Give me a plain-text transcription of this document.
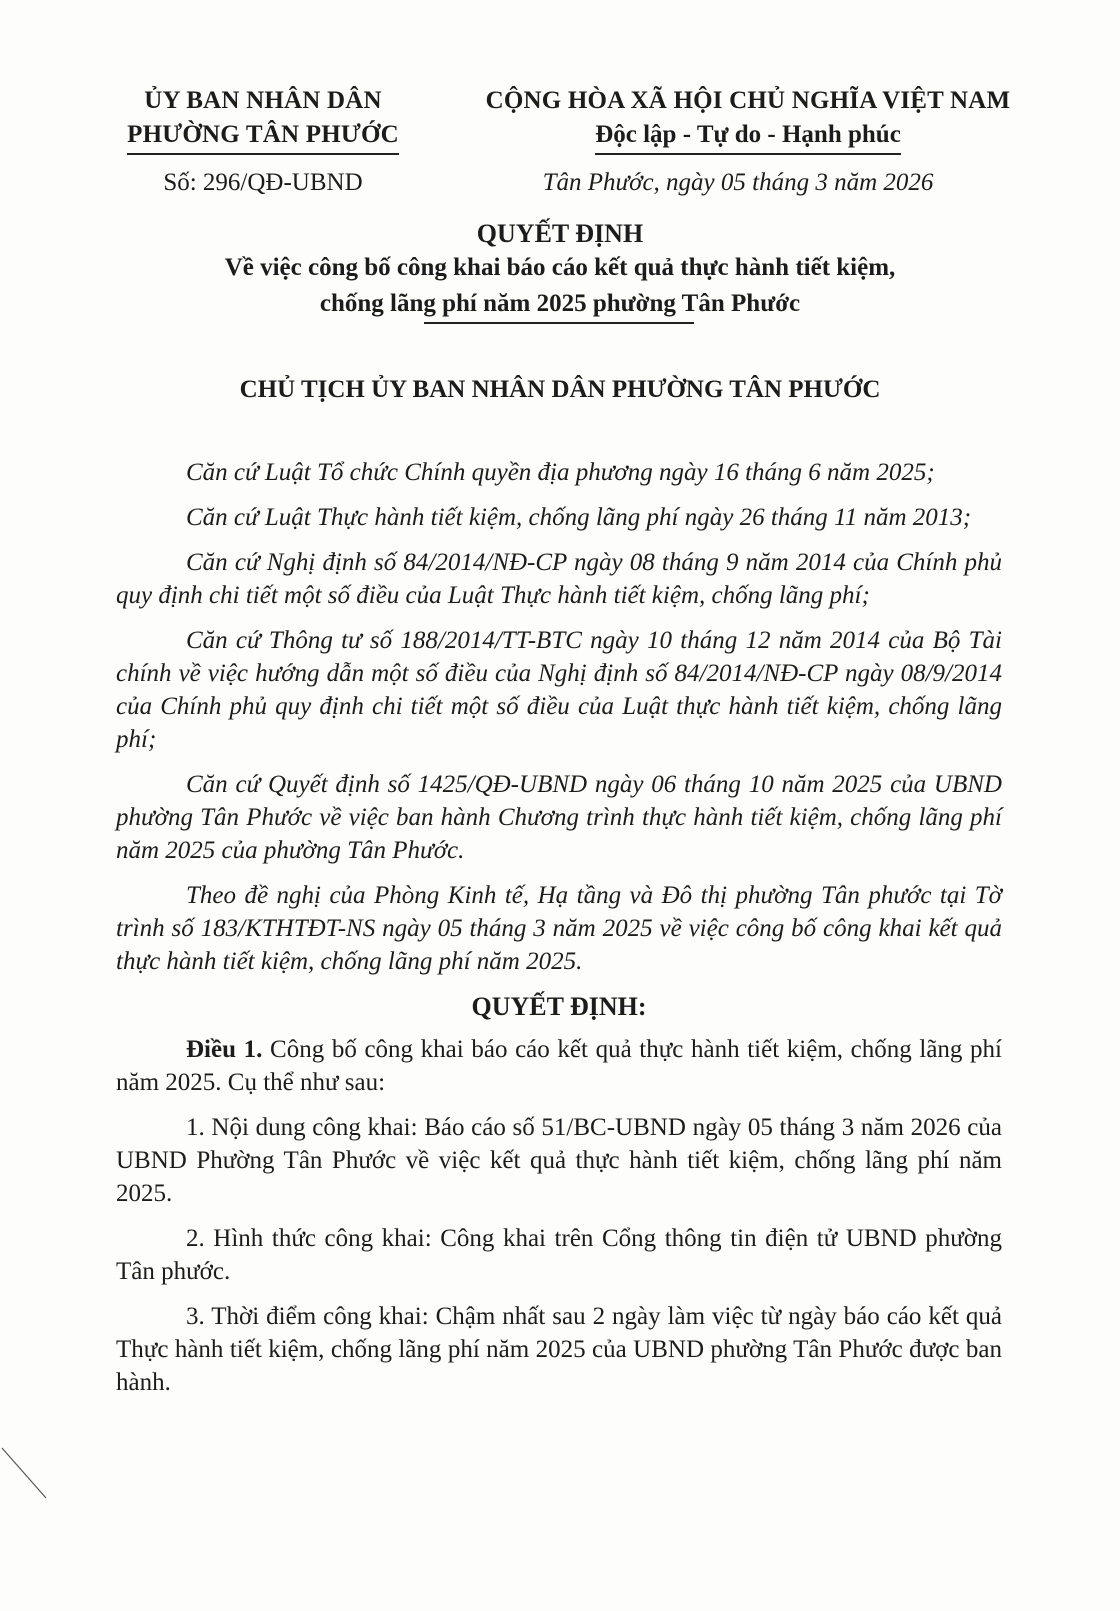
ỦY BAN NHÂN DÂN
PHƯỜNG TÂN PHƯỚC
CỘNG HÒA XÃ HỘI CHỦ NGHĨA VIỆT NAM
Độc lập - Tự do - Hạnh phúc
Số: 296/QĐ-UBND	Tân Phước, ngày 05 tháng 3 năm 2026
QUYẾT ĐỊNH
Về việc công bố công khai báo cáo kết quả thực hành tiết kiệm,
chống lãng phí năm 2025 phường Tân Phước
CHỦ TỊCH ỦY BAN NHÂN DÂN PHƯỜNG TÂN PHƯỚC

Căn cứ Luật Tổ chức Chính quyền địa phương ngày 16 tháng 6 năm 2025;

Căn cứ Luật Thực hành tiết kiệm, chống lãng phí ngày 26 tháng 11 năm 2013;

Căn cứ Nghị định số 84/2014/NĐ-CP ngày 08 tháng 9 năm 2014 của Chính phủ quy định chi tiết một số điều của Luật Thực hành tiết kiệm, chống lãng phí;

Căn cứ Thông tư số 188/2014/TT-BTC ngày 10 tháng 12 năm 2014 của Bộ Tài chính về việc hướng dẫn một số điều của Nghị định số 84/2014/NĐ-CP ngày 08/9/2014 của Chính phủ quy định chi tiết một số điều của Luật thực hành tiết kiệm, chống lãng phí;

Căn cứ Quyết định số 1425/QĐ-UBND ngày 06 tháng 10 năm 2025 của UBND phường Tân Phước về việc ban hành Chương trình thực hành tiết kiệm, chống lãng phí năm 2025 của phường Tân Phước.

Theo đề nghị của Phòng Kinh tế, Hạ tầng và Đô thị phường Tân phước tại Tờ trình số 183/KTHTĐT-NS ngày 05 tháng 3 năm 2025 về việc công bố công khai kết quả thực hành tiết kiệm, chống lãng phí năm 2025.

QUYẾT ĐỊNH:

Điều 1. Công bố công khai báo cáo kết quả thực hành tiết kiệm, chống lãng phí năm 2025. Cụ thể như sau:

1. Nội dung công khai: Báo cáo số 51/BC-UBND ngày 05 tháng 3 năm 2026 của UBND Phường Tân Phước về việc kết quả thực hành tiết kiệm, chống lãng phí năm 2025.

2. Hình thức công khai: Công khai trên Cổng thông tin điện tử UBND phường Tân phước.

3. Thời điểm công khai: Chậm nhất sau 2 ngày làm việc từ ngày báo cáo kết quả Thực hành tiết kiệm, chống lãng phí năm 2025 của UBND phường Tân Phước được ban hành.
